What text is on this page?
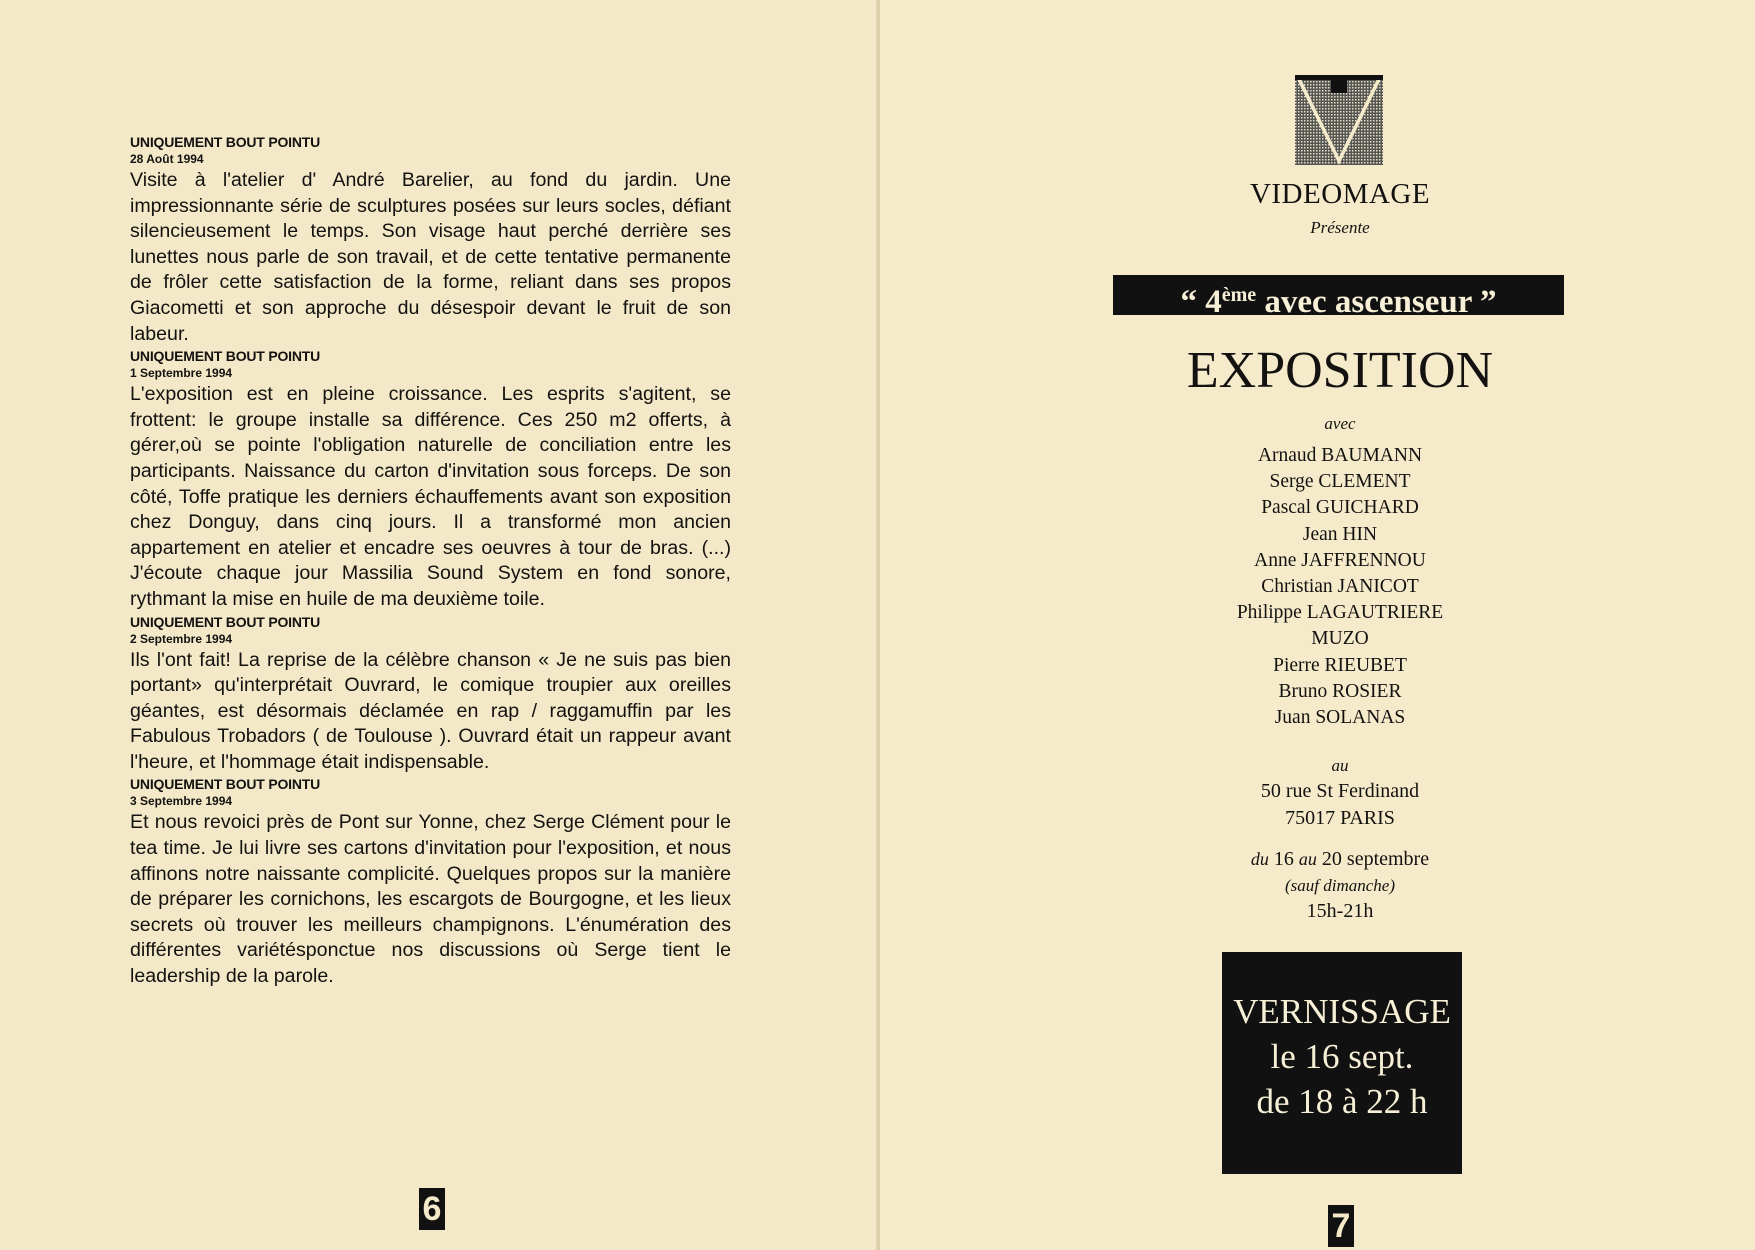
UNIQUEMENT BOUT POINTU
28 Août 1994

Visite à l'atelier d' André Barelier, au fond du jardin. Une impressionnante série de sculptures posées sur leurs socles, défiant silencieusement le temps. Son visage haut perché derrière ses lunettes nous parle de son travail, et de cette tentative permanente de frôler cette satisfaction de la forme, reliant dans ses propos Giacometti et son approche du désespoir devant le fruit de son labeur.

UNIQUEMENT BOUT POINTU
1 Septembre 1994

L'exposition est en pleine croissance. Les esprits s'agitent, se frottent: le groupe installe sa différence. Ces 250 m2 offerts, à gérer,où se pointe l'obligation naturelle de conciliation entre les participants. Naissance du carton d'invitation sous forceps. De son côté, Toffe pratique les derniers échauffements avant son exposition chez Donguy, dans cinq jours. Il a transformé mon ancien appartement en atelier et encadre ses oeuvres à tour de bras. (...) J'écoute chaque jour Massilia Sound System en fond sonore, rythmant la mise en huile de ma deuxième toile.

UNIQUEMENT BOUT POINTU
2 Septembre 1994

Ils l'ont fait! La reprise de la célèbre chanson « Je ne suis pas bien portant» qu'interprétait Ouvrard, le comique troupier aux oreilles géantes, est désormais déclamée en rap / raggamuffin par les Fabulous Trobadors ( de Toulouse ). Ouvrard était un rappeur avant l'heure, et l'hommage était indispensable.

UNIQUEMENT BOUT POINTU
3 Septembre 1994

Et nous revoici près de Pont sur Yonne, chez Serge Clément pour le tea time. Je lui livre ses cartons d'invitation pour l'exposition, et nous affinons notre naissante complicité. Quelques propos sur la manière de préparer les cornichons, les escargots de Bourgogne, et les lieux secrets où trouver les meilleurs champignons. L'énumération des différentes variétésponctue nos discussions où Serge tient le leadership de la parole.

6
VIDEOMAGE
Présente
“ 4ème avec ascenseur ”
EXPOSITION
avec
Arnaud BAUMANN
Serge CLEMENT
Pascal GUICHARD
Jean HIN
Anne JAFFRENNOU
Christian JANICOT
Philippe LAGAUTRIERE
MUZO
Pierre RIEUBET
Bruno ROSIER
Juan SOLANAS
au
50 rue St Ferdinand
75017 PARIS
du 16 au 20 septembre
(sauf dimanche)
15h-21h
VERNISSAGE
le 16 sept.
de 18 à 22 h
7
